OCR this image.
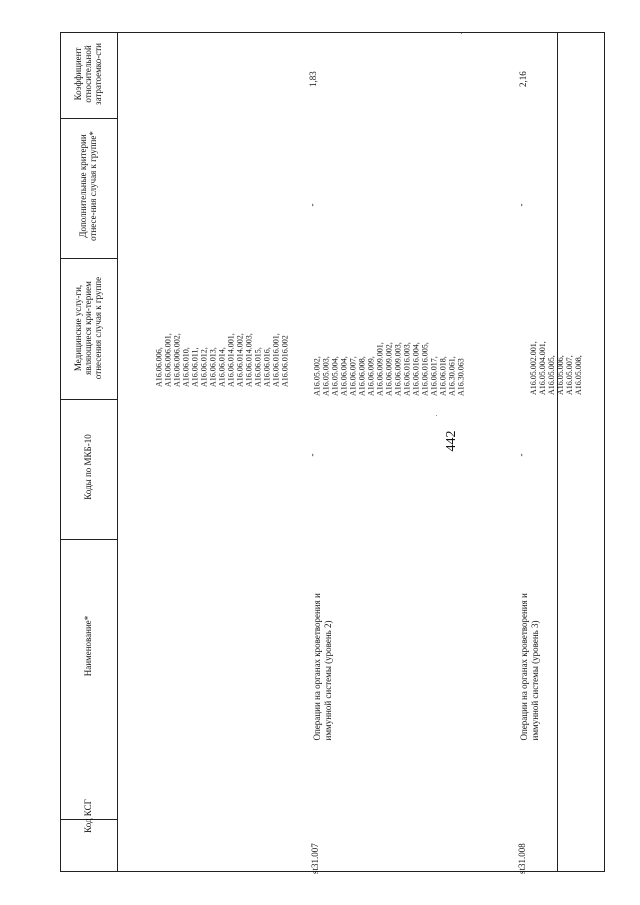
442
Код КСГ
Наименование*
Коды по МКБ-10
Медицинские услу-ги, являющиеся кри-терием отнесения случая к группе
Дополнительные критерии отнесе-ния случая к группе*
Коэффициент относительной затратоемко-сти
A16.06.006,
A16.06.006.001,
A16.06.006.002,
A16.06.010,
A16.06.011,
A16.06.012,
A16.06.013,
A16.06.014,
A16.06.014.001,
A16.06.014.002,
A16.06.014.003,
A16.06.015,
A16.06.016,
A16.06.016.001,
A16.06.016.002
st31.007
Операции на органах кроветворения и иммунной системы (уровень 2)
-
A16.05.002,
A16.05.003,
A16.05.004,
A16.06.004,
A16.06.007,
A16.06.008,
A16.06.009,
A16.06.009.001,
A16.06.009.002,
A16.06.009.003,
A16.06.016.003,
A16.06.016.004,
A16.06.016.005,
A16.06.017,
A16.06.018,
A16.30.061,
A16.30.063
-
1,83
st31.008
Операции на органах кроветворения и иммунной системы (уровень 3)
-
A16.05.002.001,
A16.05.004.001,
A16.05.005,
A16.05.006,
A16.05.007,
A16.05.008,
-
2,16
